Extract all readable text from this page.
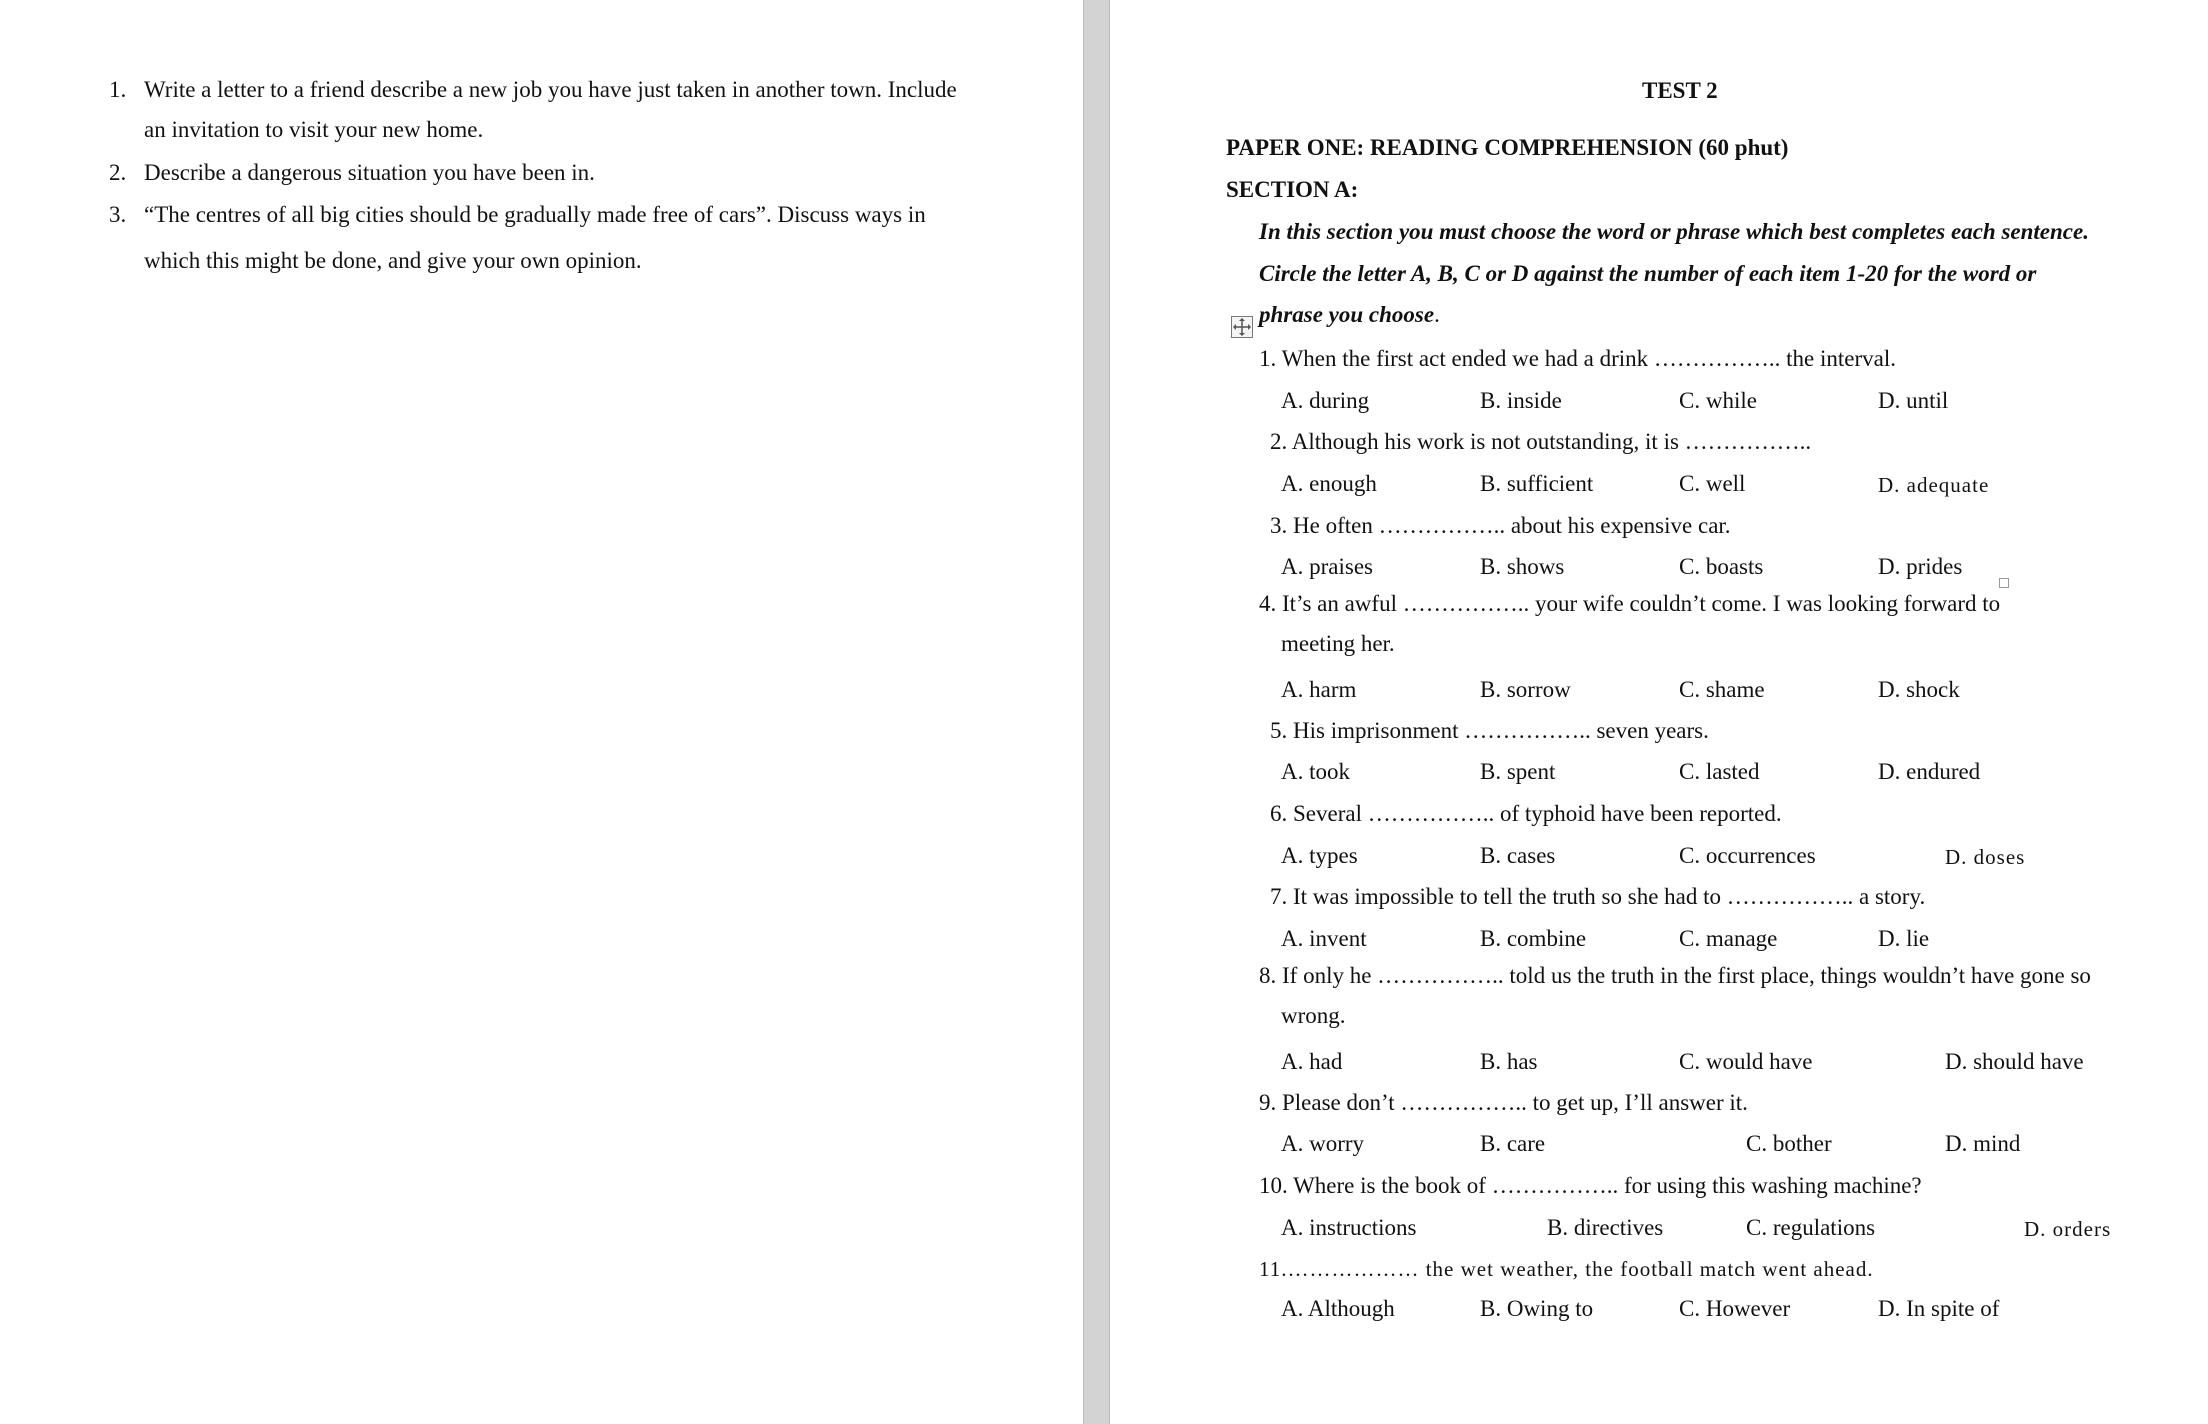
1. Write a letter to a friend describe a new job you have just taken in another town. Include
an invitation to visit your new home.
2. Describe a dangerous situation you have been in.
3. “The centres of all big cities should be gradually made free of cars”. Discuss ways in
which this might be done, and give your own opinion.
TEST 2
PAPER ONE: READING COMPREHENSION (60 phut)
SECTION A:
In this section you must choose the word or phrase which best completes each sentence.
Circle the letter A, B, C or D against the number of each item 1-20 for the word or
phrase you choose.
1. When the first act ended we had a drink …………….. the interval.
A. during	B. inside	C. while	D. until
2. Although his work is not outstanding, it is ……………..
A. enough	B. sufficient	C. well	D. adequate
3. He often …………….. about his expensive car.
A. praises	B. shows	C. boasts	D. prides
4. It’s an awful …………….. your wife couldn’t come. I was looking forward to
meeting her.
A. harm	B. sorrow	C. shame	D. shock
5. His imprisonment …………….. seven years.
A. took	B. spent	C. lasted	D. endured
6. Several …………….. of typhoid have been reported.
A. types	B. cases	C. occurrences	D. doses
7. It was impossible to tell the truth so she had to …………….. a story.
A. invent	B. combine	C. manage	D. lie
8. If only he …………….. told us the truth in the first place, things wouldn’t have gone so
wrong.
A. had	B. has	C. would have	D. should have
9. Please don’t …………….. to get up, I’ll answer it.
A. worry	B. care	C. bother	D. mind
10. Where is the book of …………….. for using this washing machine?
A. instructions	B. directives	C. regulations	D. orders
11.……………… the wet weather, the football match went ahead.
A. Although	B. Owing to	C. However	D. In spite of
